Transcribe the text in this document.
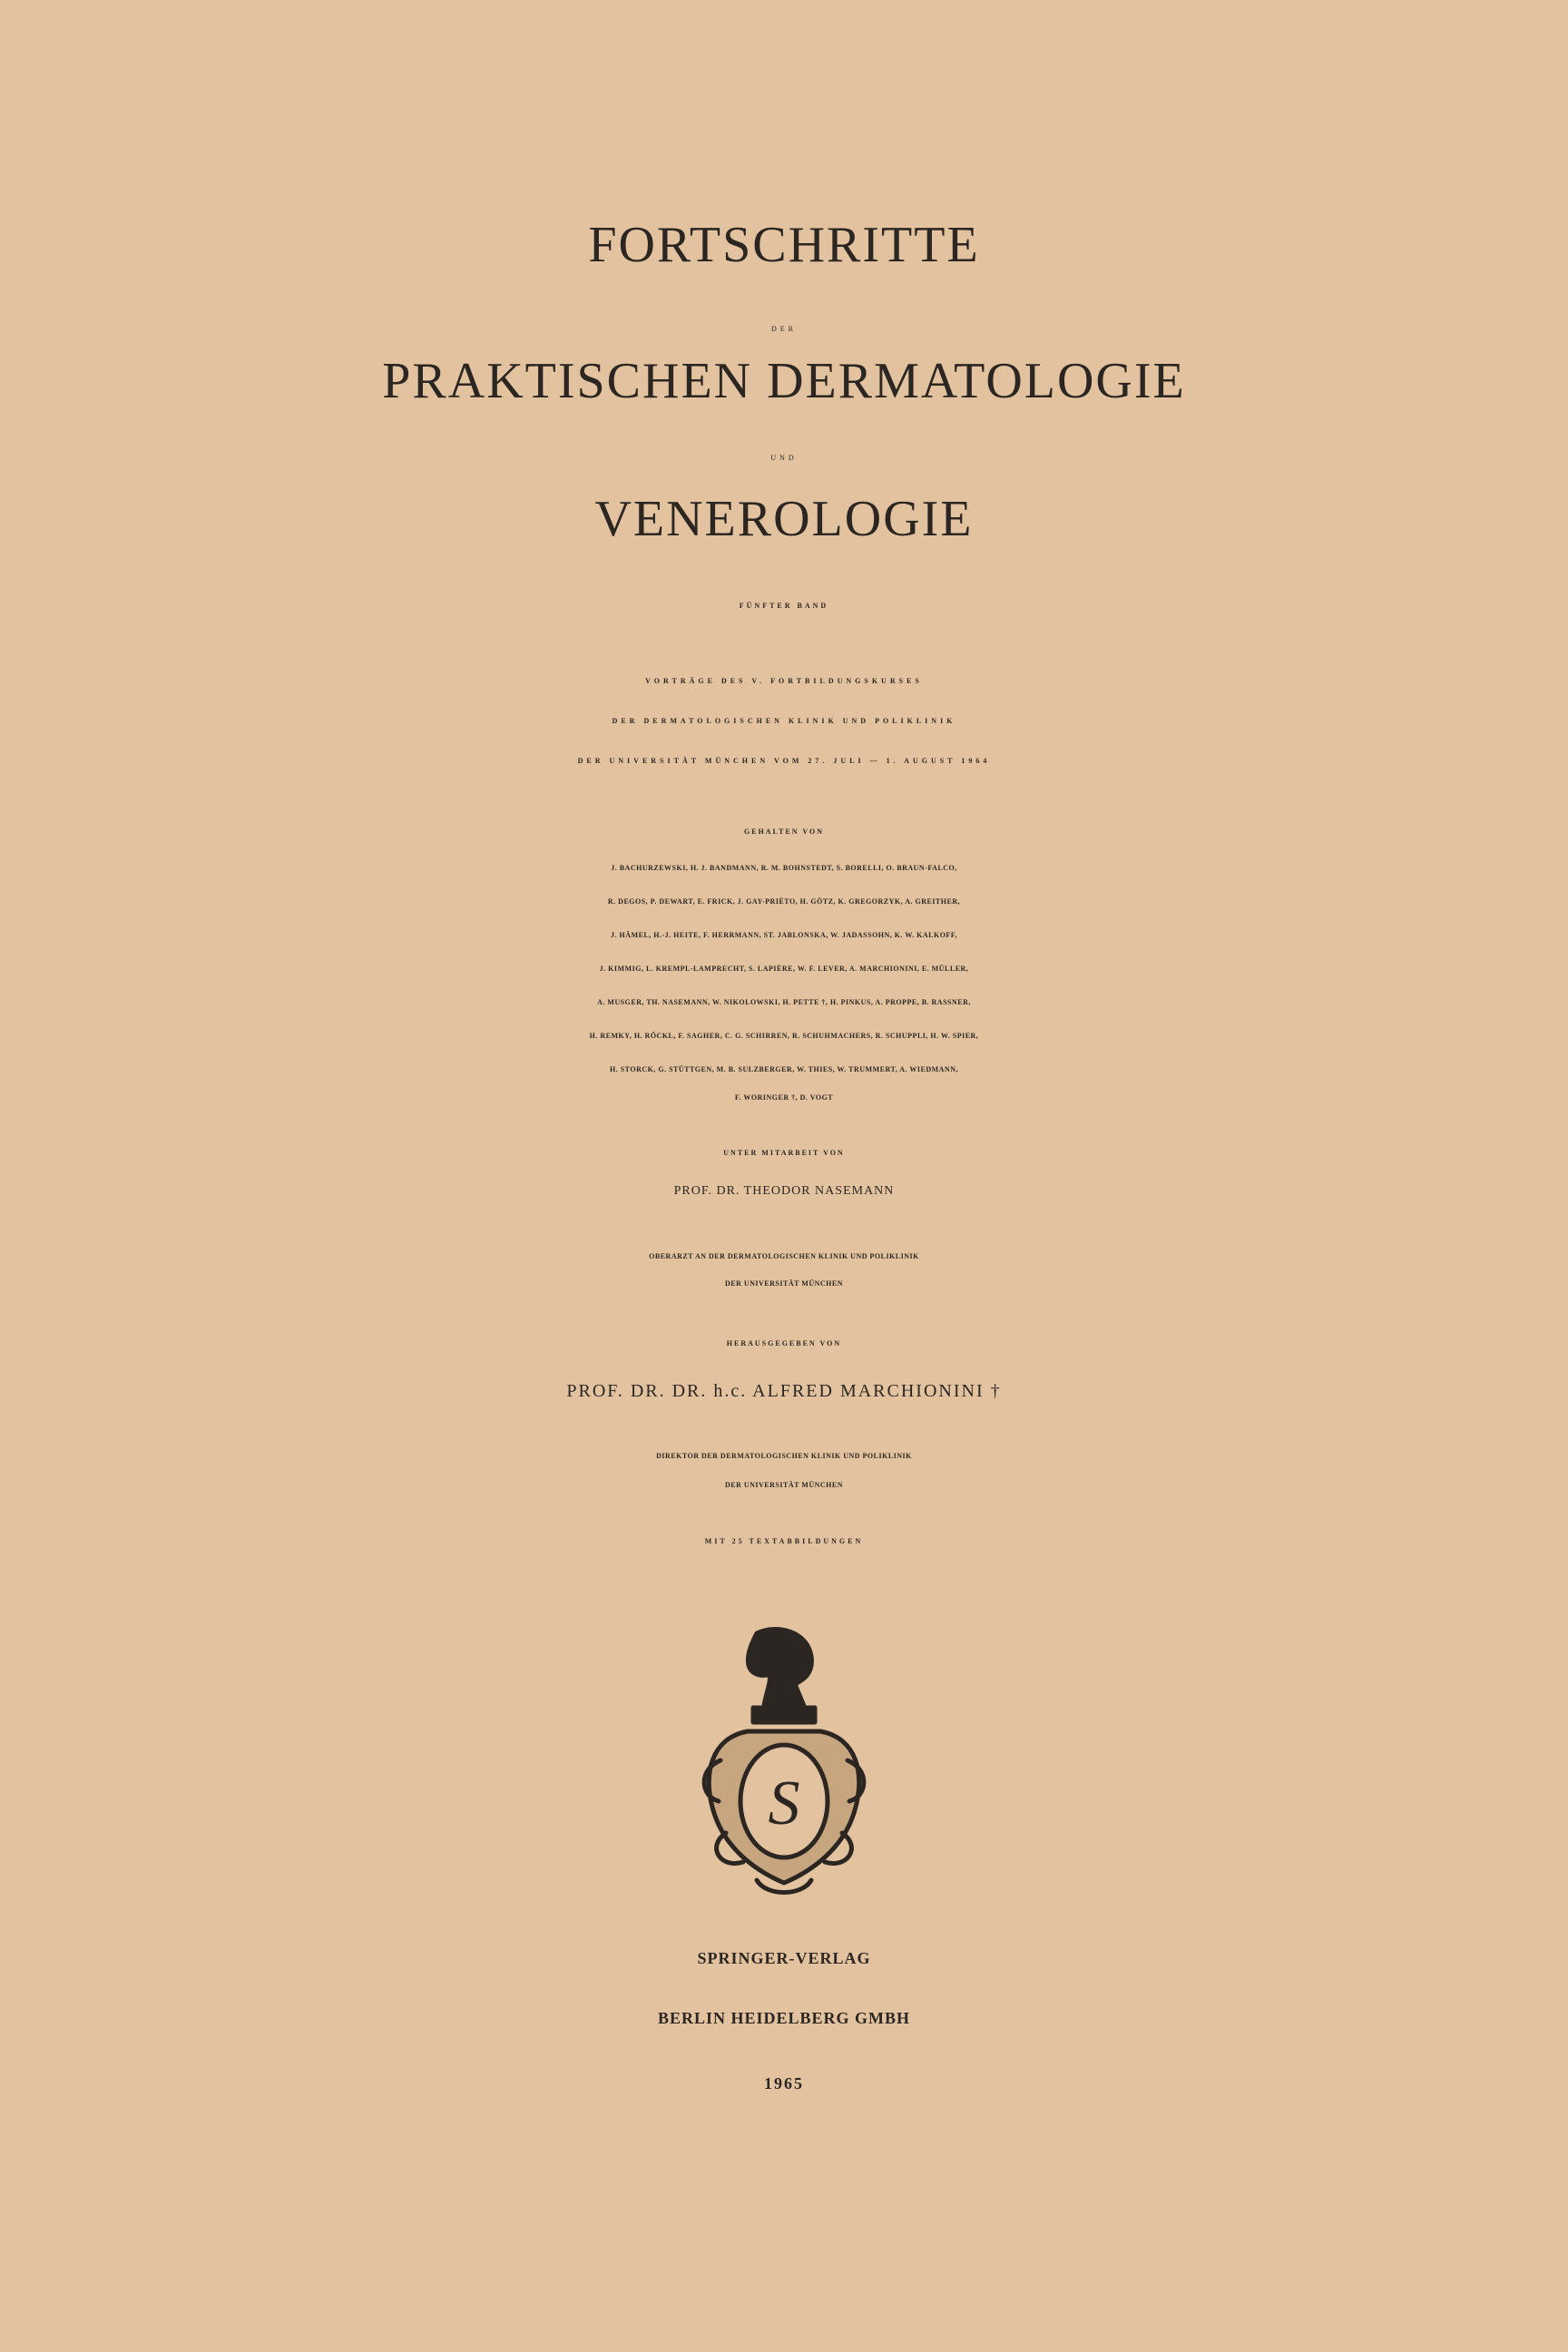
FORTSCHRITTE
DER
PRAKTISCHEN DERMATOLOGIE
UND
VENEROLOGIE
FÜNFTER BAND
VORTRÄGE DES V. FORTBILDUNGSKURSES
DER DERMATOLOGISCHEN KLINIK UND POLIKLINIK
DER UNIVERSITÄT MÜNCHEN VOM 27. JULI — 1. AUGUST 1964
GEHALTEN VON
J. BACHURZEWSKI, H. J. BANDMANN, R. M. BOHNSTEDT, S. BORELLI, O. BRAUN-FALCO,
R. DEGOS, P. DEWART, E. FRICK, J. GAY-PRIÈTO, H. GÖTZ, K. GREGORZYK, A. GREITHER,
J. HÄMEL, H.-J. HEITE, F. HERRMANN, ST. JABLONSKA, W. JADASSOHN, K. W. KALKOFF,
J. KIMMIG, L. KREMPL-LAMPRECHT, S. LAPIÈRE, W. F. LEVER, A. MARCHIONINI, E. MÜLLER,
A. MUSGER, TH. NASEMANN, W. NIKOLOWSKI, H. PETTE †, H. PINKUS, A. PROPPE, B. RASSNER,
H. REMKY, H. RÖCKL, F. SAGHER, C. G. SCHIRREN, R. SCHUHMACHERS, R. SCHUPPLI, H. W. SPIER,
H. STORCK, G. STÜTTGEN, M. B. SULZBERGER, W. THIES, W. TRUMMERT, A. WIEDMANN,
F. WORINGER †, D. VOGT
UNTER MITARBEIT VON
PROF. DR. THEODOR NASEMANN
OBERARZT AN DER DERMATOLOGISCHEN KLINIK UND POLIKLINIK
DER UNIVERSITÄT MÜNCHEN
HERAUSGEGEBEN VON
PROF. DR. DR. h.c. ALFRED MARCHIONINI †
DIREKTOR DER DERMATOLOGISCHEN KLINIK UND POLIKLINIK
DER UNIVERSITÄT MÜNCHEN
MIT 25 TEXTABBILDUNGEN
S
SPRINGER-VERLAG
BERLIN HEIDELBERG GMBH
1965
